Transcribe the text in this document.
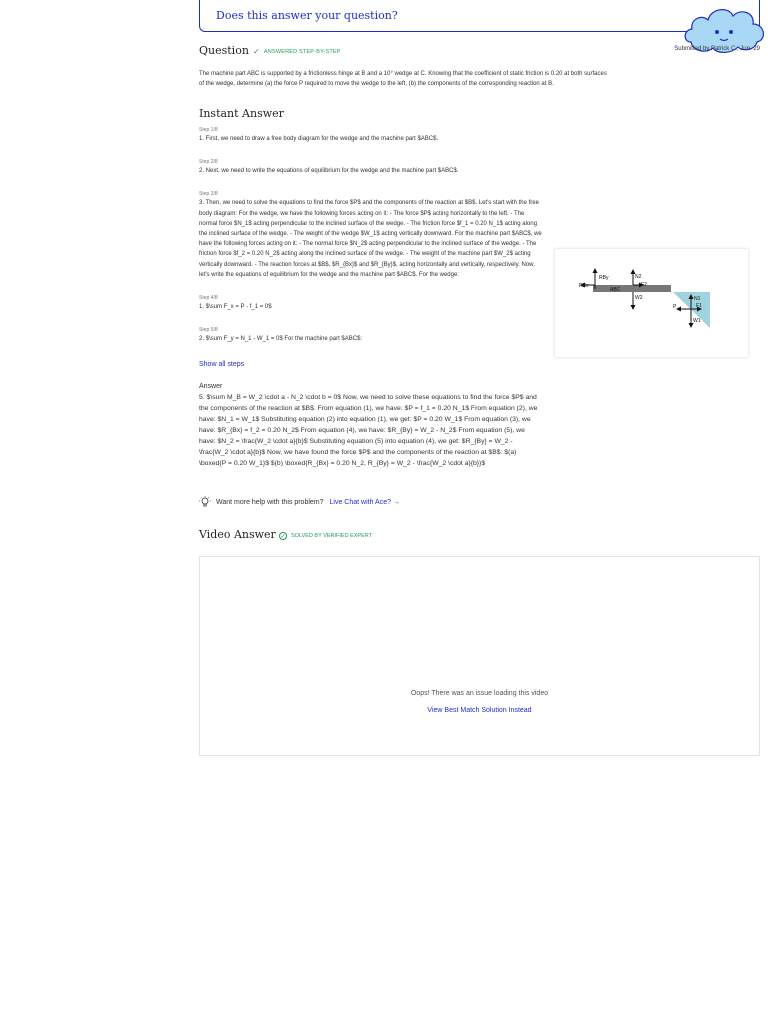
Does this answer your question?
Question ✓ ANSWERED STEP-BY-STEP	Submitted by Patrick C., Jun. 29
The machine part ABC is supported by a frictionless hinge at B and a 10° wedge at C. Knowing that the coefficient of static friction is 0.20 at both surfaces of the wedge, determine (a) the force P required to move the wedge to the left, (b) the components of the corresponding reaction at B.
Instant Answer
Step 1/8
1. First, we need to draw a free body diagram for the wedge and the machine part $ABC$.
Step 2/8
2. Next, we need to write the equations of equilibrium for the wedge and the machine part $ABC$.
Step 3/8
3. Then, we need to solve the equations to find the force $P$ and the components of the reaction at $B$. Let's start with the free body diagram: For the wedge, we have the following forces acting on it: - The force $P$ acting horizontally to the left. - The normal force $N_1$ acting perpendicular to the inclined surface of the wedge. - The friction force $f_1 = 0.20 N_1$ acting along the inclined surface of the wedge. - The weight of the wedge $W_1$ acting vertically downward. For the machine part $ABC$, we have the following forces acting on it: - The normal force $N_2$ acting perpendicular to the inclined surface of the wedge. - The friction force $f_2 = 0.20 N_2$ acting along the inclined surface of the wedge. - The weight of the machine part $W_2$ acting vertically downward. - The reaction forces at $B$, $R_{Bx}$ and $R_{By}$, acting horizontally and vertically, respectively. Now, let's write the equations of equilibrium for the wedge and the machine part $ABC$. For the wedge:
Step 4/8
1. $\sum F_x = P - f_1 = 0$
Step 5/8
2. $\sum F_y = N_1 - W_1 = 0$ For the machine part $ABC$:
Show all steps
Answer
5. $\sum M_B = W_2 \cdot a - N_2 \cdot b = 0$ Now, we need to solve these equations to find the force $P$ and the components of the reaction at $B$. From equation (1), we have: $P = f_1 = 0.20 N_1$ From equation (2), we have: $N_1 = W_1$ Substituting equation (2) into equation (1), we get: $P = 0.20 W_1$ From equation (3), we have: $R_{Bx} = f_2 = 0.20 N_2$ From equation (4), we have: $R_{By} = W_2 - N_2$ From equation (5), we have: $N_2 = \frac{W_2 \cdot a}{b}$ Substituting equation (5) into equation (4), we get: $R_{By} = W_2 - \frac{W_2 \cdot a}{b}$ Now, we have found the force $P$ and the components of the reaction at $B$: $(a) \boxed{P = 0.20 W_1}$ $(b) \boxed{R_{Bx} = 0.20 N_2, R_{By} = W_2 - \frac{W_2 \cdot a}{b}}$
Want more help with this problem? Live Chat with Ace? →
Video Answer ✓ SOLVED BY VERIFIED EXPERT
Oops! There was an issue loading this video
View Best Match Solution Instead
RBy
RBx
ABC
N2
F2
W2
P
N1
F1
W1
